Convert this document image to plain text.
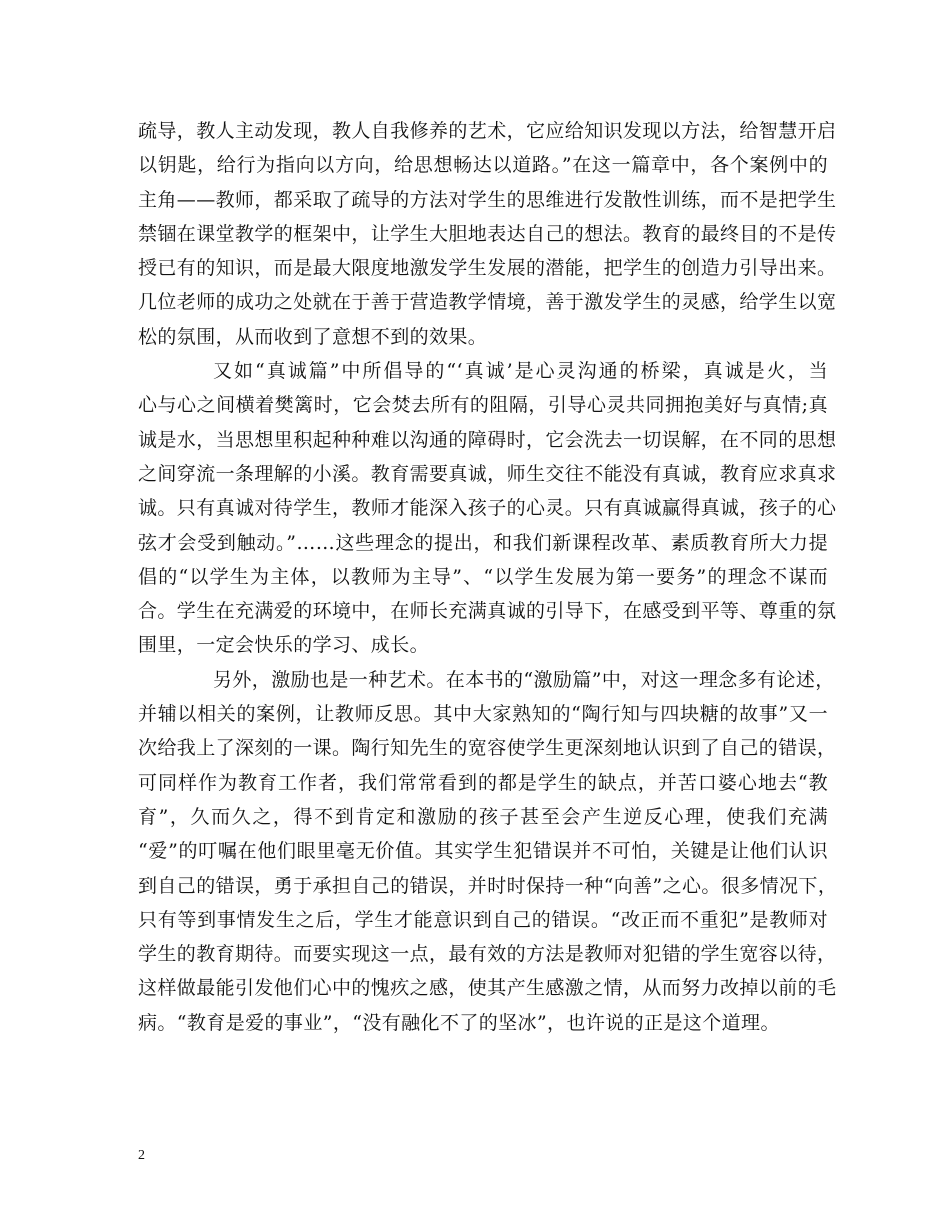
疏导，教人主动发现，教人自我修养的艺术，它应给知识发现以方法，给智慧开启
以钥匙，给行为指向以方向，给思想畅达以道路。”在这一篇章中，各个案例中的
主角——教师，都采取了疏导的方法对学生的思维进行发散性训练，而不是把学生
禁锢在课堂教学的框架中，让学生大胆地表达自己的想法。教育的最终目的不是传
授已有的知识，而是最大限度地激发学生发展的潜能，把学生的创造力引导出来。
几位老师的成功之处就在于善于营造教学情境，善于激发学生的灵感，给学生以宽
松的氛围，从而收到了意想不到的效果。
又如“真诚篇”中所倡导的“‘真诚’是心灵沟通的桥梁，真诚是火，当
心与心之间横着樊篱时，它会焚去所有的阻隔，引导心灵共同拥抱美好与真情;真
诚是水，当思想里积起种种难以沟通的障碍时，它会洗去一切误解，在不同的思想
之间穿流一条理解的小溪。教育需要真诚，师生交往不能没有真诚，教育应求真求
诚。只有真诚对待学生，教师才能深入孩子的心灵。只有真诚赢得真诚，孩子的心
弦才会受到触动。”……这些理念的提出，和我们新课程改革、素质教育所大力提
倡的“以学生为主体，以教师为主导”、“以学生发展为第一要务”的理念不谋而
合。学生在充满爱的环境中，在师长充满真诚的引导下，在感受到平等、尊重的氛
围里，一定会快乐的学习、成长。
另外，激励也是一种艺术。在本书的“激励篇”中，对这一理念多有论述，
并辅以相关的案例，让教师反思。其中大家熟知的“陶行知与四块糖的故事”又一
次给我上了深刻的一课。陶行知先生的宽容使学生更深刻地认识到了自己的错误，
可同样作为教育工作者，我们常常看到的都是学生的缺点，并苦口婆心地去“教
育”，久而久之，得不到肯定和激励的孩子甚至会产生逆反心理，使我们充满
“爱”的叮嘱在他们眼里毫无价值。其实学生犯错误并不可怕，关键是让他们认识
到自己的错误，勇于承担自己的错误，并时时保持一种“向善”之心。很多情况下，
只有等到事情发生之后，学生才能意识到自己的错误。“改正而不重犯”是教师对
学生的教育期待。而要实现这一点，最有效的方法是教师对犯错的学生宽容以待，
这样做最能引发他们心中的愧疚之感，使其产生感激之情，从而努力改掉以前的毛
病。“教育是爱的事业”，“没有融化不了的坚冰”，也许说的正是这个道理。
2
